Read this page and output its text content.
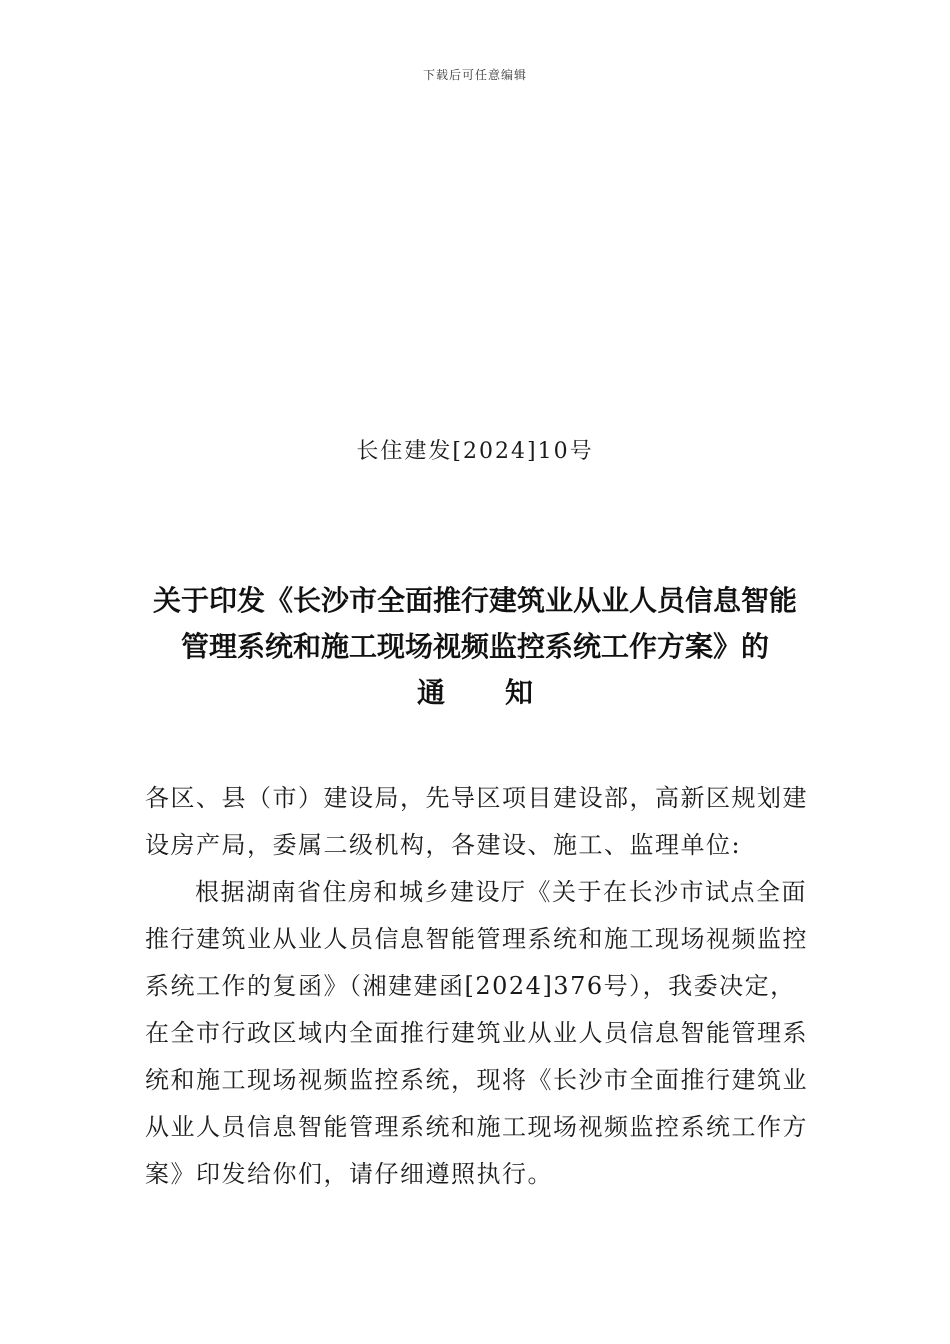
下载后可任意编辑
长住建发[2024]10号
关于印发《长沙市全面推行建筑业从业人员信息智能
管理系统和施工现场视频监控系统工作方案》的
通知

各区、县（市）建设局，先导区项目建设部，高新区规划建设房产局，委属二级机构，各建设、施工、监理单位:

根据湖南省住房和城乡建设厅《关于在长沙市试点全面推行建筑业从业人员信息智能管理系统和施工现场视频监控系统工作的复函》（湘建建函[2024]376号），我委决定，在全市行政区域内全面推行建筑业从业人员信息智能管理系统和施工现场视频监控系统，现将《长沙市全面推行建筑业从业人员信息智能管理系统和施工现场视频监控系统工作方案》印发给你们，请仔细遵照执行。
